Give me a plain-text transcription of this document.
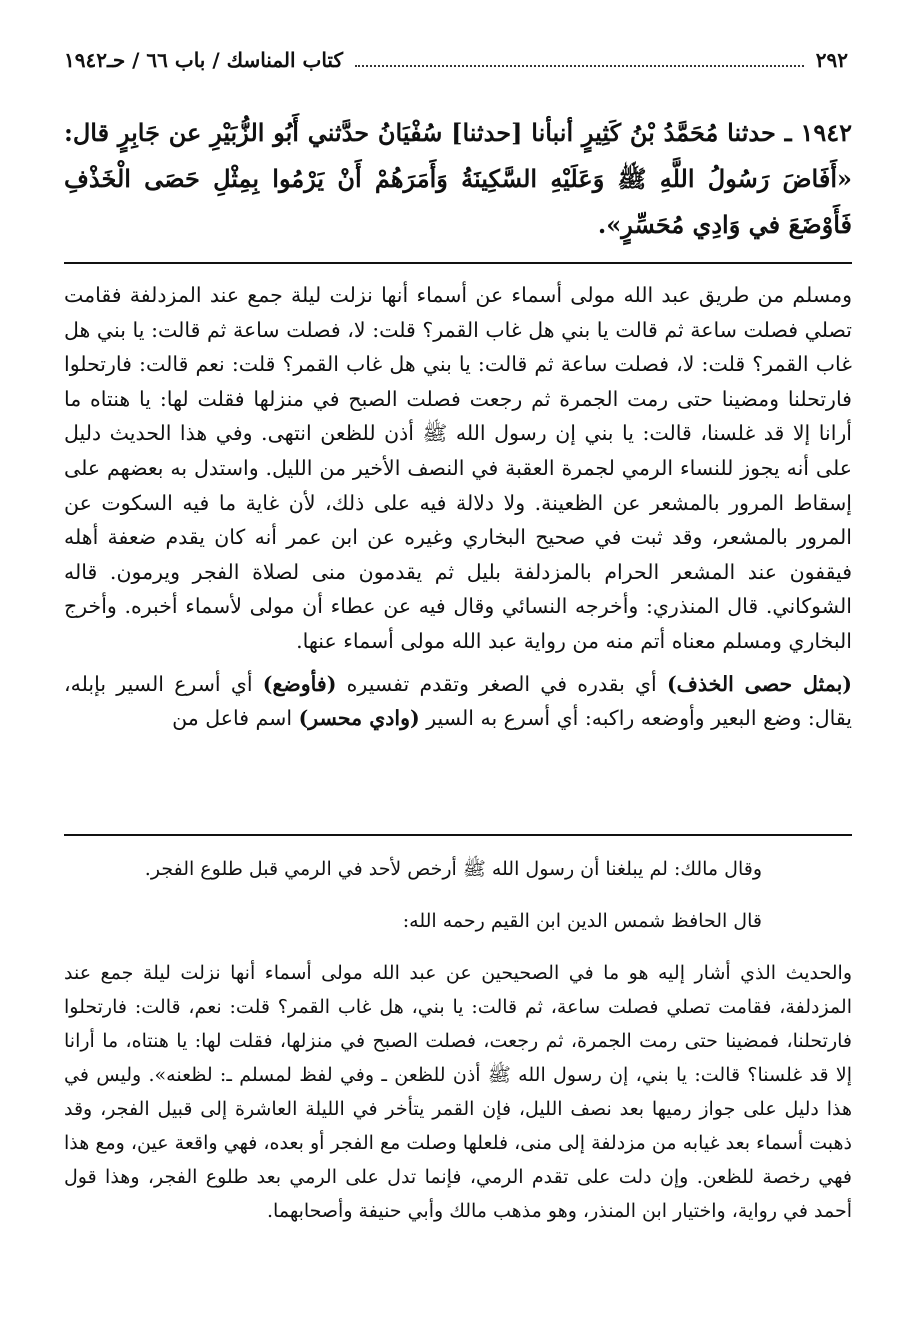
٢٩٢
كتاب المناسك / باب ٦٦ / حـ١٩٤٢
١٩٤٢ ـ حدثنا مُحَمَّدُ بْنُ كَثِيرٍ أنبأنا [حدثنا] سُفْيَانُ حدَّثني أَبُو الزُّبَيْرِ عن جَابِرٍ قال: «أَفَاضَ رَسُولُ اللَّهِ ﷺ وَعَلَيْهِ السَّكِينَةُ وَأَمَرَهُمْ أَنْ يَرْمُوا بِمِثْلِ حَصَى الْخَذْفِ فَأَوْضَعَ في وَادِي مُحَسِّرٍ».

ومسلم من طريق عبد الله مولى أسماء عن أسماء أنها نزلت ليلة جمع عند المزدلفة فقامت تصلي فصلت ساعة ثم قالت يا بني هل غاب القمر؟ قلت: لا، فصلت ساعة ثم قالت: يا بني هل غاب القمر؟ قلت: لا، فصلت ساعة ثم قالت: يا بني هل غاب القمر؟ قلت: نعم قالت: فارتحلوا فارتحلنا ومضينا حتى رمت الجمرة ثم رجعت فصلت الصبح في منزلها فقلت لها: يا هنتاه ما أرانا إلا قد غلسنا، قالت: يا بني إن رسول الله ﷺ أذن للظعن انتهى. وفي هذا الحديث دليل على أنه يجوز للنساء الرمي لجمرة العقبة في النصف الأخير من الليل. واستدل به بعضهم على إسقاط المرور بالمشعر عن الظعينة. ولا دلالة فيه على ذلك، لأن غاية ما فيه السكوت عن المرور بالمشعر، وقد ثبت في صحيح البخاري وغيره عن ابن عمر أنه كان يقدم ضعفة أهله فيقفون عند المشعر الحرام بالمزدلفة بليل ثم يقدمون منى لصلاة الفجر ويرمون. قاله الشوكاني. قال المنذري: وأخرجه النسائي وقال فيه عن عطاء أن مولى لأسماء أخبره. وأخرج البخاري ومسلم معناه أتم منه من رواية عبد الله مولى أسماء عنها.

(بمثل حصى الخذف) أي بقدره في الصغر وتقدم تفسيره (فأوضع) أي أسرع السير بإبله، يقال: وضع البعير وأوضعه راكبه: أي أسرع به السير (وادي محسر) اسم فاعل من

وقال مالك: لم يبلغنا أن رسول الله ﷺ أرخص لأحد في الرمي قبل طلوع الفجر.

قال الحافظ شمس الدين ابن القيم رحمه الله:

والحديث الذي أشار إليه هو ما في الصحيحين عن عبد الله مولى أسماء أنها نزلت ليلة جمع عند المزدلفة، فقامت تصلي فصلت ساعة، ثم قالت: يا بني، هل غاب القمر؟ قلت: نعم، قالت: فارتحلوا فارتحلنا، فمضينا حتى رمت الجمرة، ثم رجعت، فصلت الصبح في منزلها، فقلت لها: يا هنتاه، ما أرانا إلا قد غلسنا؟ قالت: يا بني، إن رسول الله ﷺ أذن للظعن ـ وفي لفظ لمسلم ـ: لظعنه». وليس في هذا دليل على جواز رميها بعد نصف الليل، فإن القمر يتأخر في الليلة العاشرة إلى قبيل الفجر، وقد ذهبت أسماء بعد غيابه من مزدلفة إلى منى، فلعلها وصلت مع الفجر أو بعده، فهي واقعة عين، ومع هذا فهي رخصة للظعن. وإن دلت على تقدم الرمي، فإنما تدل على الرمي بعد طلوع الفجر، وهذا قول أحمد في رواية، واختيار ابن المنذر، وهو مذهب مالك وأبي حنيفة وأصحابهما.
